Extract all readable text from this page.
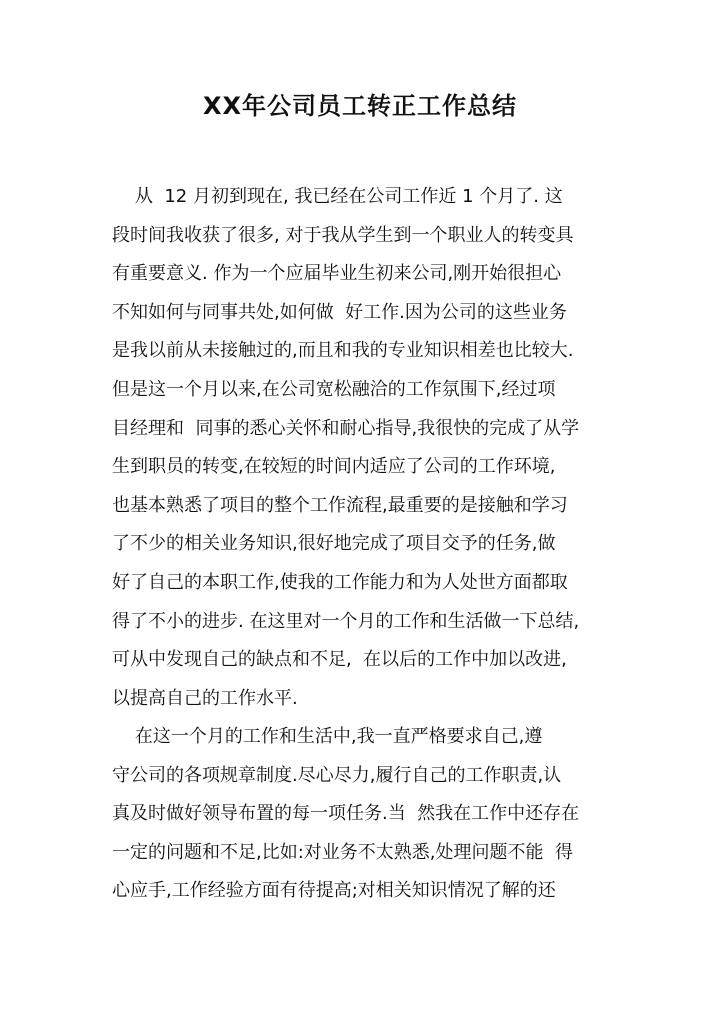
XX年公司员工转正工作总结
从  12 月初到现在, 我已经在公司工作近 1 个月了. 这
段时间我收获了很多, 对于我从学生到一个职业人的转变具
有重要意义. 作为一个应届毕业生初来公司,刚开始很担心
不知如何与同事共处,如何做  好工作.因为公司的这些业务
是我以前从未接触过的,而且和我的专业知识相差也比较大.
但是这一个月以来,在公司宽松融洽的工作氛围下,经过项
目经理和  同事的悉心关怀和耐心指导,我很快的完成了从学
生到职员的转变,在较短的时间内适应了公司的工作环境,
也基本熟悉了项目的整个工作流程,最重要的是接触和学习
了不少的相关业务知识,很好地完成了项目交予的任务,做
好了自己的本职工作,使我的工作能力和为人处世方面都取
得了不小的进步. 在这里对一个月的工作和生活做一下总结,
可从中发现自己的缺点和不足,  在以后的工作中加以改进,
以提高自己的工作水平.
在这一个月的工作和生活中,我一直严格要求自己,遵
守公司的各项规章制度.尽心尽力,履行自己的工作职责,认
真及时做好领导布置的每一项任务.当  然我在工作中还存在
一定的问题和不足,比如:对业务不太熟悉,处理问题不能  得
心应手,工作经验方面有待提高;对相关知识情况了解的还
